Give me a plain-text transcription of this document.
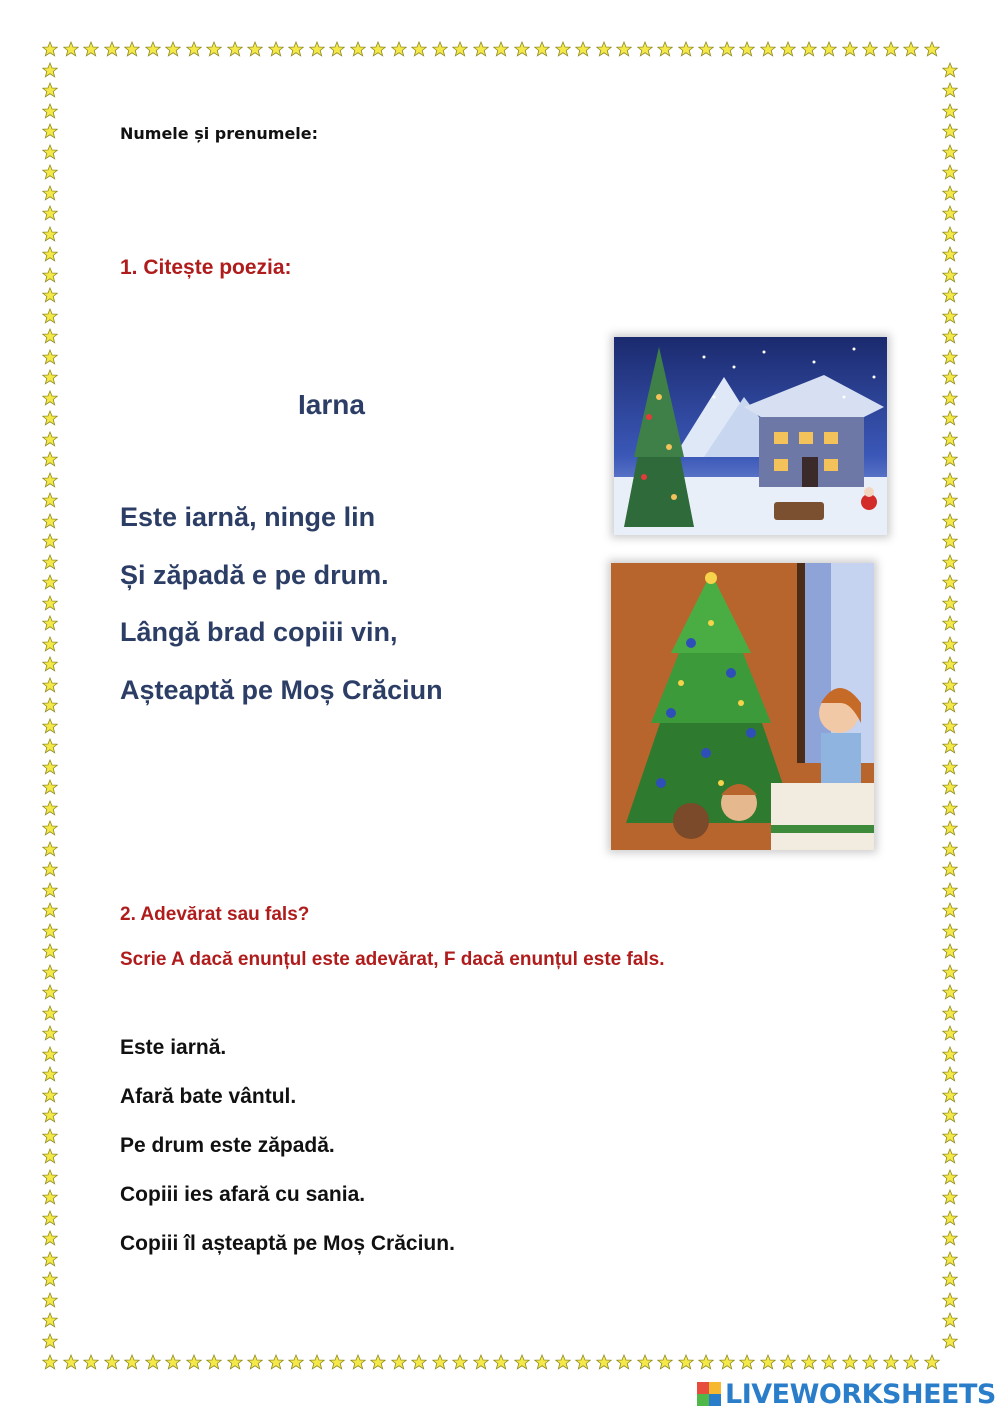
Numele și prenumele:

1. Citește poezia:

Iarna

Este iarnă, ninge lin

Și zăpadă e pe drum.

Lângă brad copiii vin,

Așteaptă pe Moș Crăciun

2. Adevărat sau fals?

Scrie A dacă enunțul este adevărat, F dacă enunțul este fals.

Este iarnă.

Afară bate vântul.

Pe drum este zăpadă.

Copiii ies afară cu sania.

Copiii îl așteaptă pe Moș Crăciun.

LIVEWORKSHEETS
